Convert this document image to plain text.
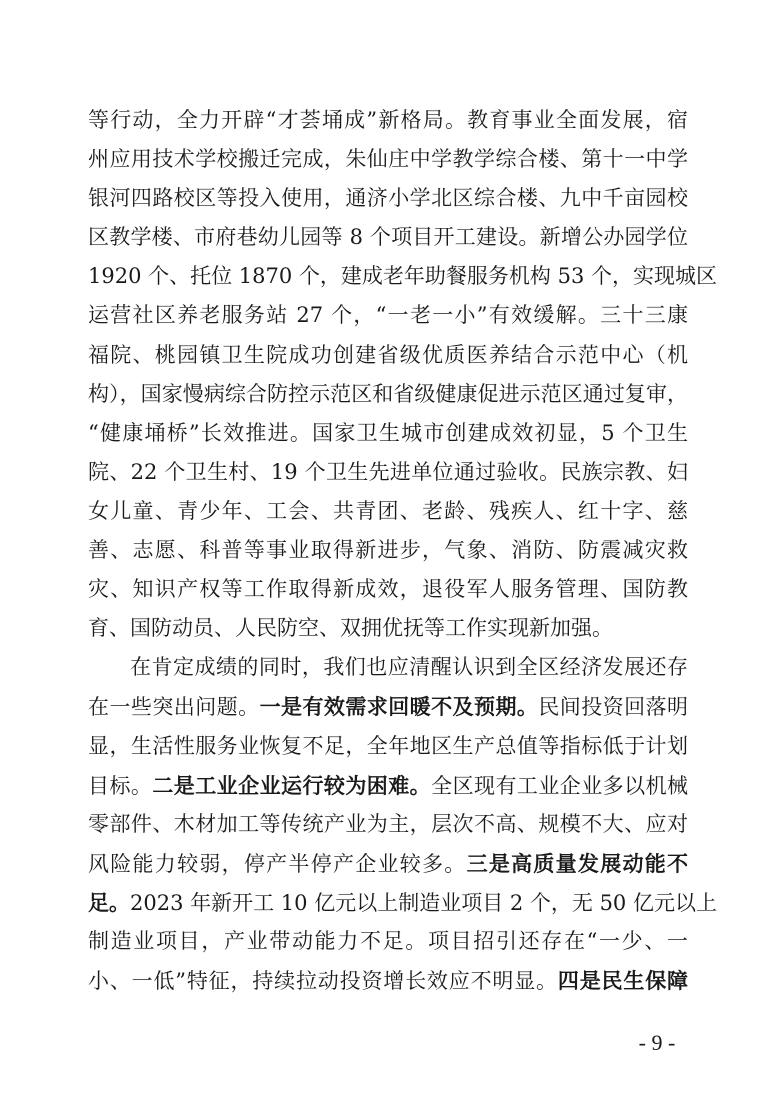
等行动，全力开辟“才荟埇成”新格局。教育事业全面发展，宿
州应用技术学校搬迁完成，朱仙庄中学教学综合楼、第十一中学
银河四路校区等投入使用，通济小学北区综合楼、九中千亩园校
区教学楼、市府巷幼儿园等 8 个项目开工建设。新增公办园学位
1920 个、托位 1870 个，建成老年助餐服务机构 53 个，实现城区
运营社区养老服务站 27 个，“一老一小”有效缓解。三十三康
福院、桃园镇卫生院成功创建省级优质医养结合示范中心（机
构），国家慢病综合防控示范区和省级健康促进示范区通过复审，
“健康埇桥”长效推进。国家卫生城市创建成效初显，5 个卫生
院、22 个卫生村、19 个卫生先进单位通过验收。民族宗教、妇
女儿童、青少年、工会、共青团、老龄、残疾人、红十字、慈
善、志愿、科普等事业取得新进步，气象、消防、防震减灾救
灾、知识产权等工作取得新成效，退役军人服务管理、国防教
育、国防动员、人民防空、双拥优抚等工作实现新加强。
在肯定成绩的同时，我们也应清醒认识到全区经济发展还存
在一些突出问题。一是有效需求回暖不及预期。民间投资回落明
显，生活性服务业恢复不足，全年地区生产总值等指标低于计划
目标。二是工业企业运行较为困难。全区现有工业企业多以机械
零部件、木材加工等传统产业为主，层次不高、规模不大、应对
风险能力较弱，停产半停产企业较多。三是高质量发展动能不
足。2023 年新开工 10 亿元以上制造业项目 2 个，无 50 亿元以上
制造业项目，产业带动能力不足。项目招引还存在“一少、一
小、一低”特征，持续拉动投资增长效应不明显。四是民生保障
- 9 -
